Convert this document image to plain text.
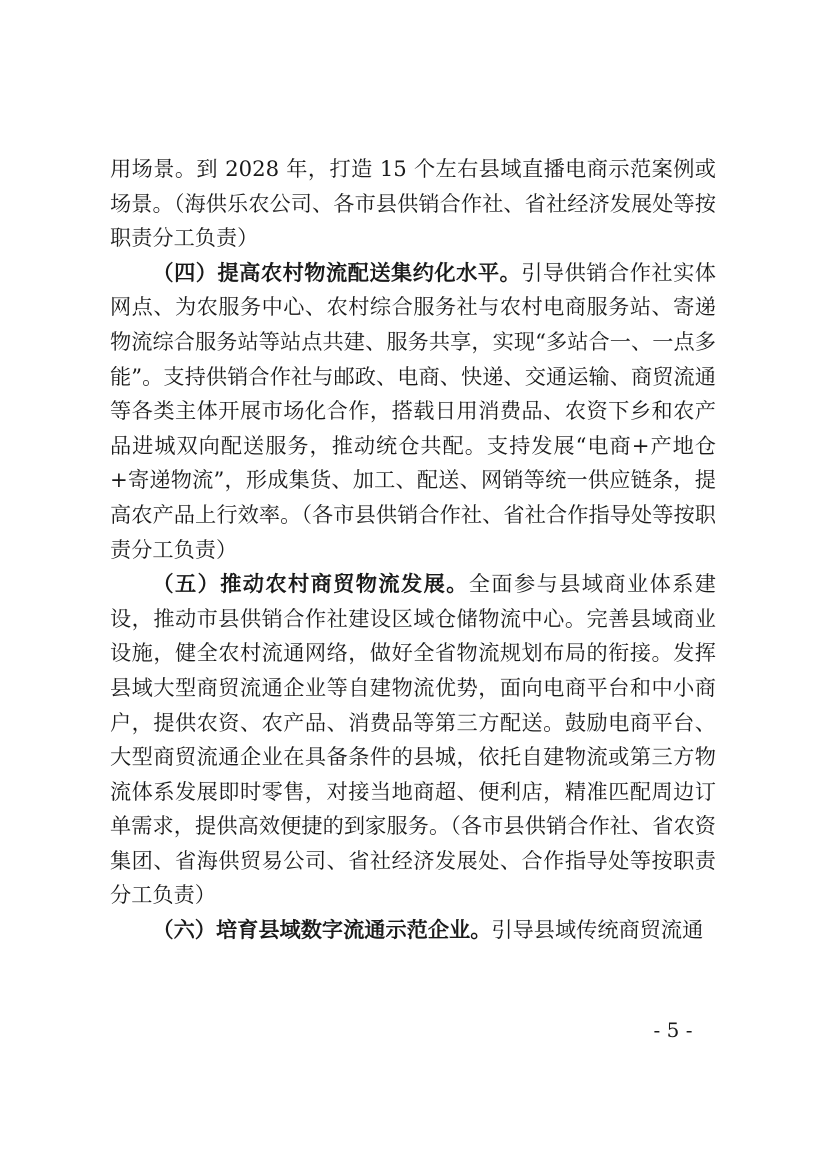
用场景。到 2028 年，打造 15 个左右县域直播电商示范案例或场景。（海供乐农公司、各市县供销合作社、省社经济发展处等按职责分工负责）

（四）提高农村物流配送集约化水平。引导供销合作社实体网点、为农服务中心、农村综合服务社与农村电商服务站、寄递物流综合服务站等站点共建、服务共享，实现“多站合一、一点多能”。支持供销合作社与邮政、电商、快递、交通运输、商贸流通等各类主体开展市场化合作，搭载日用消费品、农资下乡和农产品进城双向配送服务，推动统仓共配。支持发展“电商+产地仓+寄递物流”，形成集货、加工、配送、网销等统一供应链条，提高农产品上行效率。（各市县供销合作社、省社合作指导处等按职责分工负责）

（五）推动农村商贸物流发展。全面参与县域商业体系建设，推动市县供销合作社建设区域仓储物流中心。完善县域商业设施，健全农村流通网络，做好全省物流规划布局的衔接。发挥县域大型商贸流通企业等自建物流优势，面向电商平台和中小商户，提供农资、农产品、消费品等第三方配送。鼓励电商平台、大型商贸流通企业在具备条件的县城，依托自建物流或第三方物流体系发展即时零售，对接当地商超、便利店，精准匹配周边订单需求，提供高效便捷的到家服务。（各市县供销合作社、省农资集团、省海供贸易公司、省社经济发展处、合作指导处等按职责分工负责）

（六）培育县域数字流通示范企业。引导县域传统商贸流通

- 5 -
